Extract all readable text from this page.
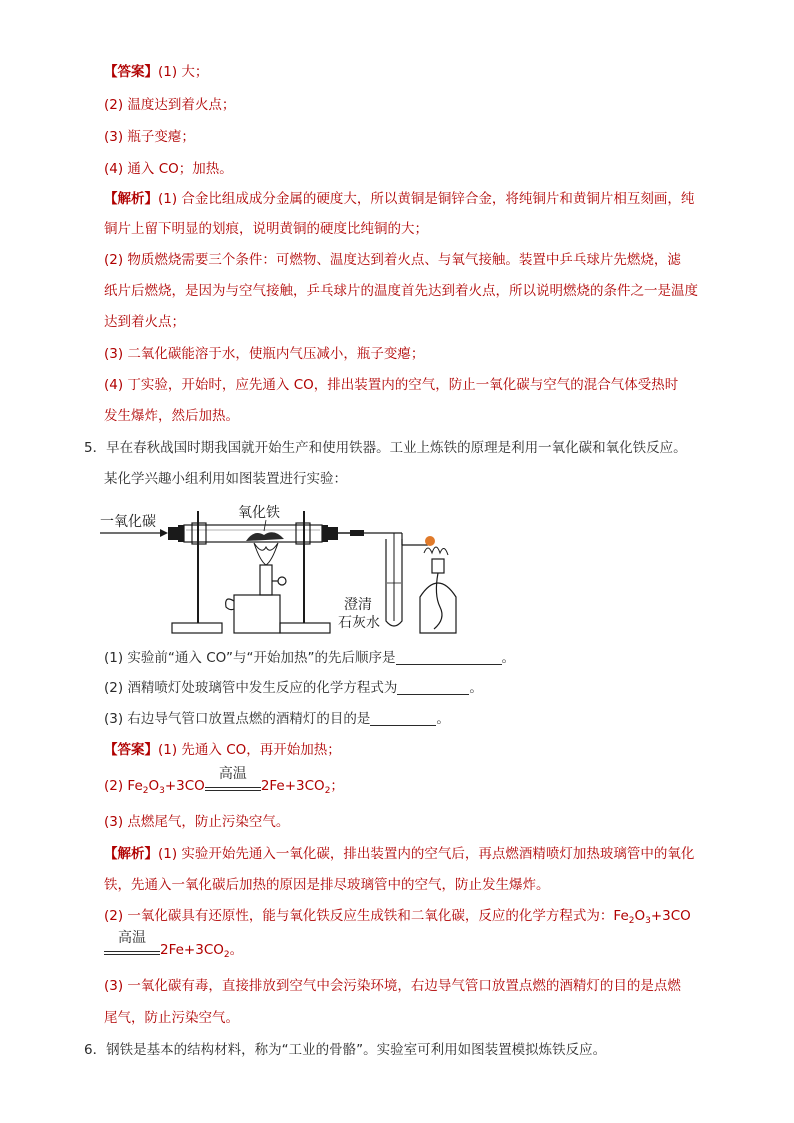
【答案】(1) 大；
(2) 温度达到着火点；
(3) 瓶子变瘪；
(4) 通入 CO；加热。
【解析】(1) 合金比组成成分金属的硬度大，所以黄铜是铜锌合金，将纯铜片和黄铜片相互刻画，纯
铜片上留下明显的划痕，说明黄铜的硬度比纯铜的大；
(2) 物质燃烧需要三个条件：可燃物、温度达到着火点、与氧气接触。装置中乒乓球片先燃烧，滤
纸片后燃烧，是因为与空气接触，乒乓球片的温度首先达到着火点，所以说明燃烧的条件之一是温度
达到着火点；
(3) 二氧化碳能溶于水，使瓶内气压减小，瓶子变瘪；
(4) 丁实验，开始时，应先通入 CO，排出装置内的空气，防止一氧化碳与空气的混合气体受热时
发生爆炸，然后加热。
5．早在春秋战国时期我国就开始生产和使用铁器。工业上炼铁的原理是利用一氧化碳和氧化铁反应。
某化学兴趣小组利用如图装置进行实验：
一氧化碳
氧化铁
澄清
石灰水
(1) 实验前“通入 CO”与“开始加热”的先后顺序是	。
(2) 酒精喷灯处玻璃管中发生反应的化学方程式为	。
(3) 右边导气管口放置点燃的酒精灯的目的是	。
【答案】(1) 先通入 CO，再开始加热；
(2) $Fe_2O_3+3CO$
高温
$2Fe+3CO_2$；
(3) 点燃尾气，防止污染空气。
【解析】(1) 实验开始先通入一氧化碳，排出装置内的空气后，再点燃酒精喷灯加热玻璃管中的氧化
铁，先通入一氧化碳后加热的原因是排尽玻璃管中的空气，防止发生爆炸。
(2) 一氧化碳具有还原性，能与氧化铁反应生成铁和二氧化碳，反应的化学方程式为：$Fe_2O_3+3CO$
高温
$2Fe+3CO_2$。
(3) 一氧化碳有毒，直接排放到空气中会污染环境，右边导气管口放置点燃的酒精灯的目的是点燃
尾气，防止污染空气。
6．钢铁是基本的结构材料，称为“工业的骨骼”。实验室可利用如图装置模拟炼铁反应。
